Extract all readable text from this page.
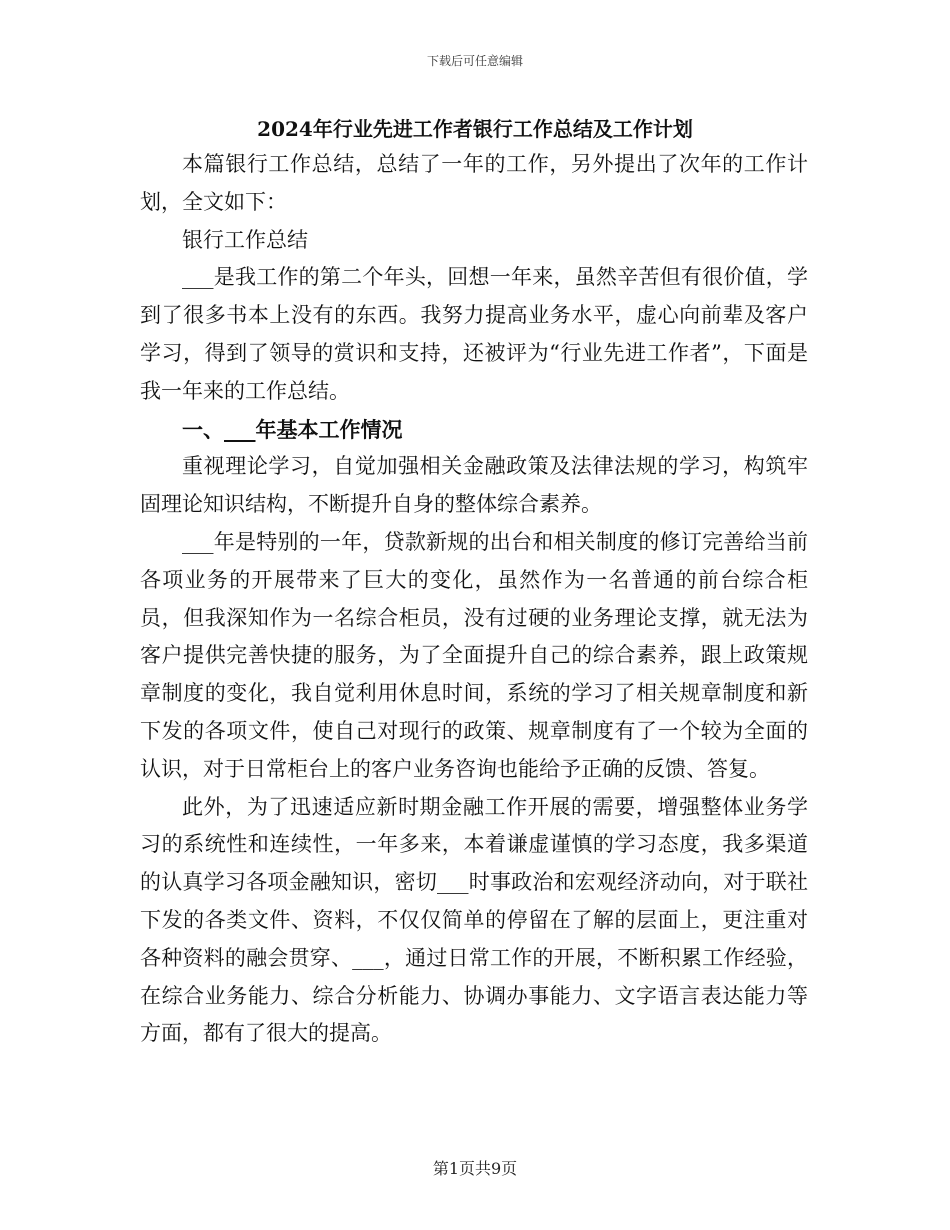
下载后可任意编辑
2024年行业先进工作者银行工作总结及工作计划

本篇银行工作总结，总结了一年的工作，另外提出了次年的工作计划，全文如下：

银行工作总结

___是我工作的第二个年头，回想一年来，虽然辛苦但有很价值，学到了很多书本上没有的东西。我努力提高业务水平，虚心向前辈及客户学习，得到了领导的赏识和支持，还被评为“行业先进工作者”，下面是我一年来的工作总结。

一、___年基本工作情况

重视理论学习，自觉加强相关金融政策及法律法规的学习，构筑牢固理论知识结构，不断提升自身的整体综合素养。

___年是特别的一年，贷款新规的出台和相关制度的修订完善给当前各项业务的开展带来了巨大的变化，虽然作为一名普通的前台综合柜员，但我深知作为一名综合柜员，没有过硬的业务理论支撑，就无法为客户提供完善快捷的服务，为了全面提升自己的综合素养，跟上政策规章制度的变化，我自觉利用休息时间，系统的学习了相关规章制度和新下发的各项文件，使自己对现行的政策、规章制度有了一个较为全面的认识，对于日常柜台上的客户业务咨询也能给予正确的反馈、答复。

此外，为了迅速适应新时期金融工作开展的需要，增强整体业务学习的系统性和连续性，一年多来，本着谦虚谨慎的学习态度，我多渠道的认真学习各项金融知识，密切___时事政治和宏观经济动向，对于联社下发的各类文件、资料，不仅仅简单的停留在了解的层面上，更注重对各种资料的融会贯穿、___，通过日常工作的开展，不断积累工作经验，在综合业务能力、综合分析能力、协调办事能力、文字语言表达能力等方面，都有了很大的提高。

第1页共9页
